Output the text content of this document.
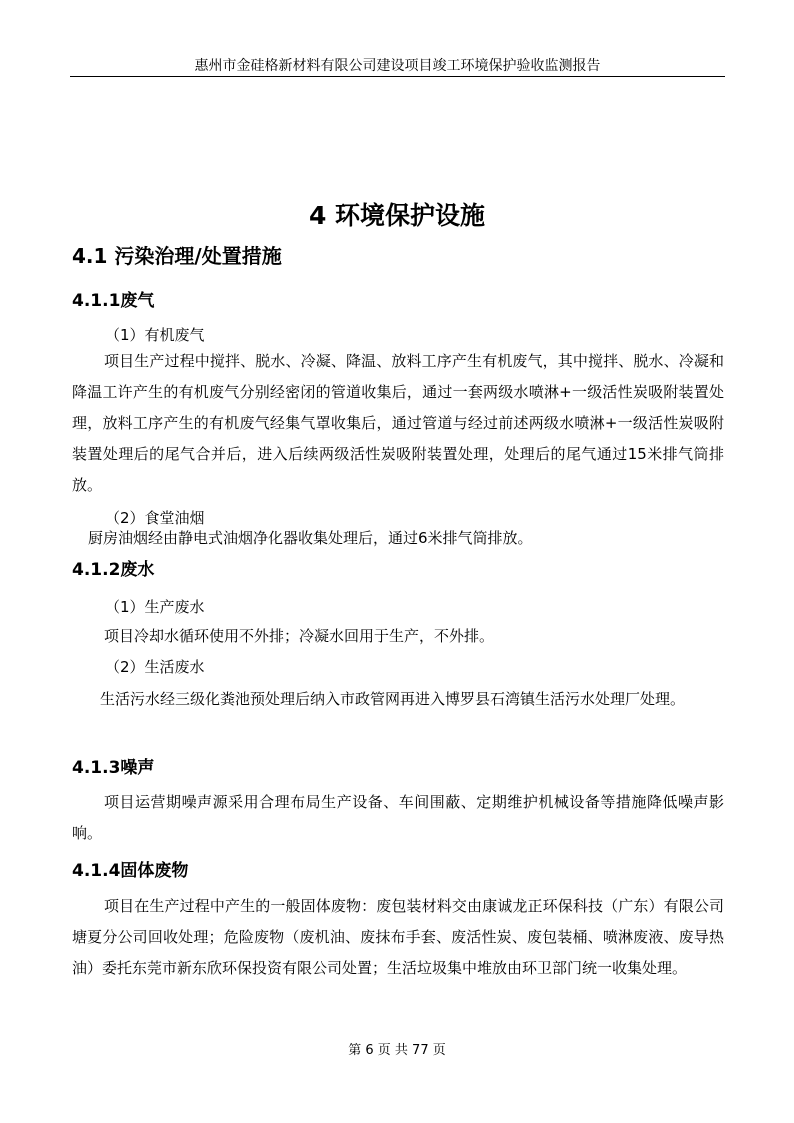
惠州市金硅格新材料有限公司建设项目竣工环境保护验收监测报告
4 环境保护设施
4.1 污染治理/处置措施
4.1.1废气
（1）有机废气
项目生产过程中搅拌、脱水、冷凝、降温、放料工序产生有机废气，其中搅拌、脱水、冷凝和降温工许产生的有机废气分别经密闭的管道收集后，通过一套两级水喷淋+一级活性炭吸附装置处理，放料工序产生的有机废气经集气罩收集后，通过管道与经过前述两级水喷淋+一级活性炭吸附装置处理后的尾气合并后，进入后续两级活性炭吸附装置处理，处理后的尾气通过15米排气筒排放。
（2）食堂油烟
厨房油烟经由静电式油烟净化器收集处理后，通过6米排气筒排放。
4.1.2废水
（1）生产废水
项目冷却水循环使用不外排；冷凝水回用于生产，不外排。
（2）生活废水
生活污水经三级化粪池预处理后纳入市政管网再进入博罗县石湾镇生活污水处理厂处理。
4.1.3噪声
项目运营期噪声源采用合理布局生产设备、车间围蔽、定期维护机械设备等措施降低噪声影响。
4.1.4固体废物
项目在生产过程中产生的一般固体废物：废包装材料交由康诚龙正环保科技（广东）有限公司塘夏分公司回收处理；危险废物（废机油、废抹布手套、废活性炭、废包装桶、喷淋废液、废导热油）委托东莞市新东欣环保投资有限公司处置；生活垃圾集中堆放由环卫部门统一收集处理。
第 6 页 共 77 页
